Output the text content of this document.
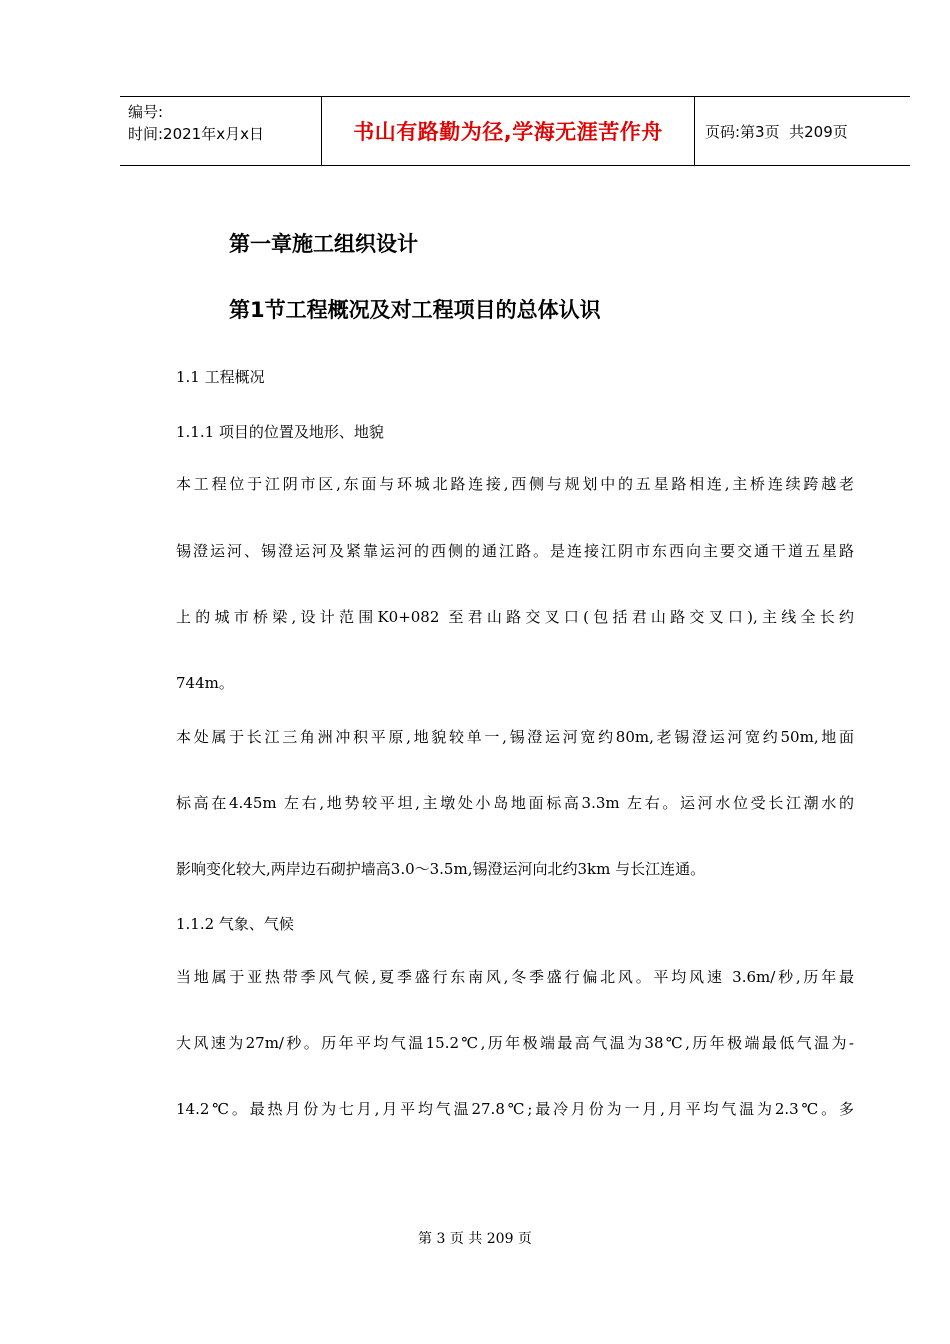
编号:
时间:2021年x月x日	书山有路勤为径,学海无涯苦作舟	页码:第3页  共209页
第一章施工组织设计
第1节工程概况及对工程项目的总体认识
1.1 工程概况
1.1.1 项目的位置及地形、地貌
本工程位于江阴市区,东面与环城北路连接,西侧与规划中的五星路相连,主桥连续跨越老
锡澄运河、锡澄运河及紧靠运河的西侧的通江路。是连接江阴市东西向主要交通干道五星路
上的城市桥梁,设计范围K0+082 至君山路交叉口(包括君山路交叉口),主线全长约
744m。
本处属于长江三角洲冲积平原,地貌较单一,锡澄运河宽约80m,老锡澄运河宽约50m,地面
标高在4.45m 左右,地势较平坦,主墩处小岛地面标高3.3m 左右。运河水位受长江潮水的
影响变化较大,两岸边石砌护墙高3.0～3.5m,锡澄运河向北约3km 与长江连通。
1.1.2 气象、气候
当地属于亚热带季风气候,夏季盛行东南风,冬季盛行偏北风。平均风速 3.6m/秒,历年最
大风速为27m/秒。历年平均气温15.2℃,历年极端最高气温为38℃,历年极端最低气温为-
14.2℃。最热月份为七月,月平均气温27.8℃;最冷月份为一月,月平均气温为2.3℃。多
第 3 页 共 209 页
